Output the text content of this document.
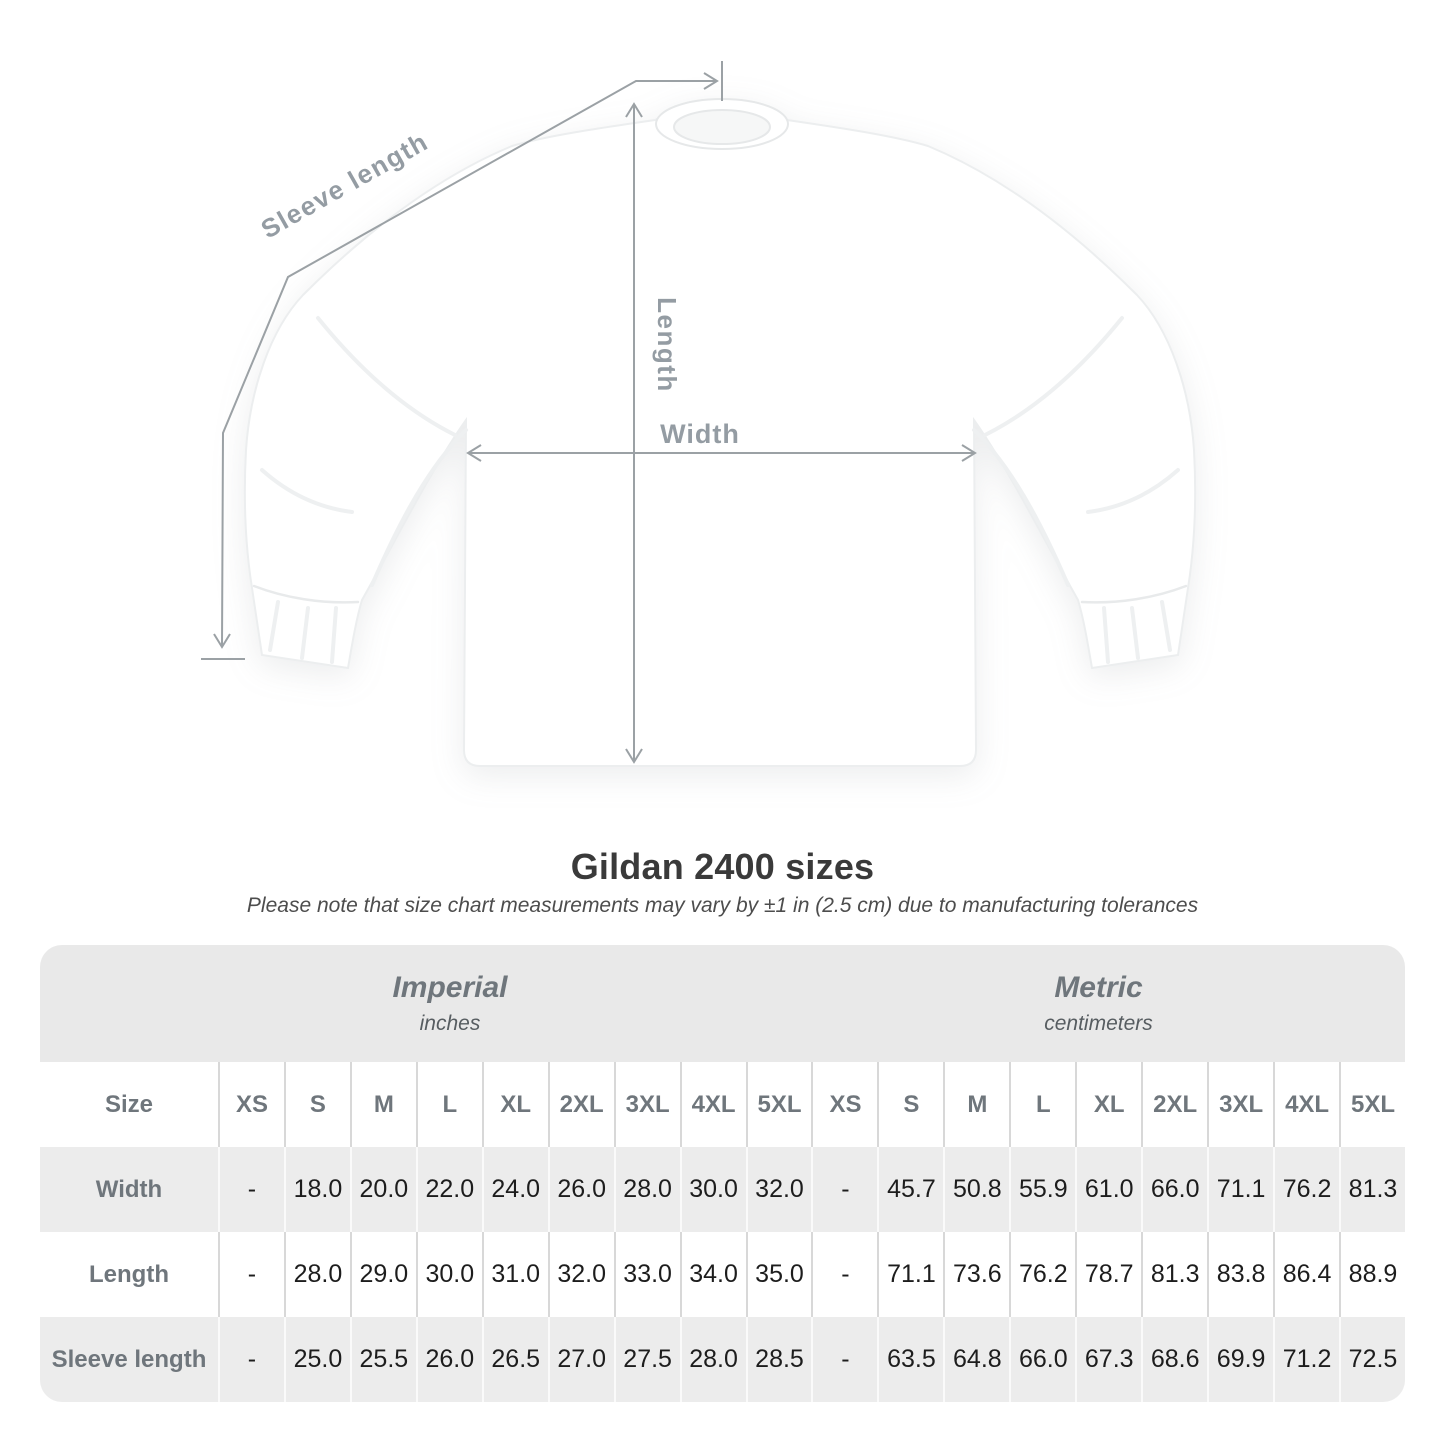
Sleeve length
Length
Width
Gildan 2400 sizes

Please note that size chart measurements may vary by ±1 in (2.5 cm) due to manufacturing tolerances

Imperial
inches
Metric
centimeters
Size	XS	S	M	L	XL	2XL 3XL 4XL 5XL	XS	S	M	L	XL	2XL 3XL 4XL 5XL
Width	-	18.0 20.0 22.0 24.0 26.0 28.0 30.0 32.0	-	45.7 50.8 55.9 61.0 66.0 71.1 76.2 81.3
Length	-	28.0 29.0 30.0 31.0 32.0 33.0 34.0 35.0	-	71.1 73.6 76.2 78.7 81.3 83.8 86.4 88.9
Sleeve length	-	25.0 25.5 26.0 26.5 27.0 27.5 28.0 28.5	-	63.5 64.8 66.0 67.3 68.6 69.9 71.2 72.5
